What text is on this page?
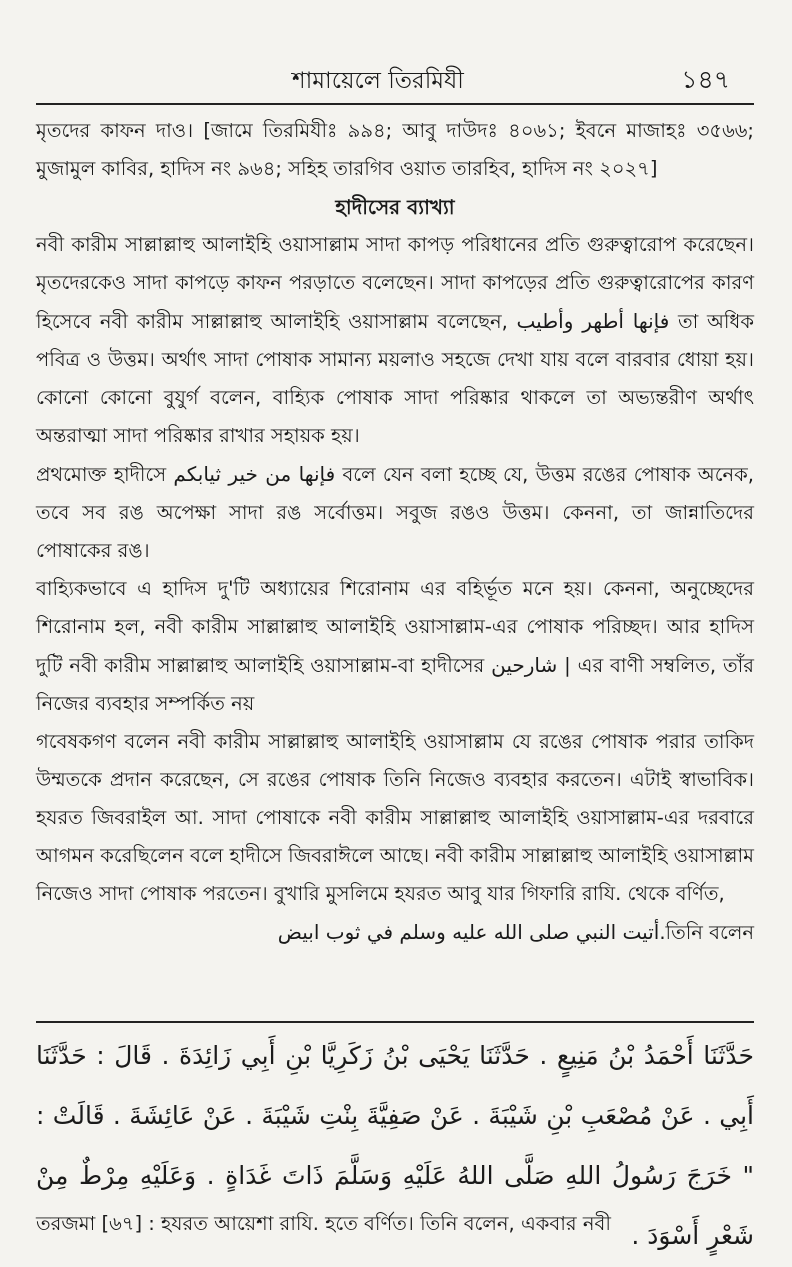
শামায়েলে তিরমিযী	১৪৭

মৃতদের কাফন দাও। [জামে তিরমিযীঃ ৯৯৪; আবু দাউদঃ ৪০৬১; ইবনে মাজাহঃ ৩৫৬৬; মুজামুল কাবির, হাদিস নং ৯৬৪; সহিহ তারগিব ওয়াত তারহিব, হাদিস নং ২০২৭]

হাদীসের ব্যাখ্যা

নবী কারীম সাল্লাল্লাহু আলাইহি ওয়াসাল্লাম সাদা কাপড় পরিধানের প্রতি গুরুত্বারোপ করেছেন। মৃতদেরকেও সাদা কাপড়ে কাফন পরড়াতে বলেছেন। সাদা কাপড়ের প্রতি গুরুত্বারোপের কারণ হিসেবে নবী কারীম সাল্লাল্লাহু আলাইহি ওয়াসাল্লাম বলেছেন, فإنها أطهر وأطيب তা অধিক পবিত্র ও উত্তম। অর্থাৎ সাদা পোষাক সামান্য ময়লাও সহজে দেখা যায় বলে বারবার ধোয়া হয়। কোনো কোনো বুযুর্গ বলেন, বাহ্যিক পোষাক সাদা পরিষ্কার থাকলে তা অভ্যন্তরীণ অর্থাৎ অন্তরাত্মা সাদা পরিষ্কার রাখার সহায়ক হয়।

প্রথমোক্ত হাদীসে فإنها من خير ثيابكم বলে যেন বলা হচ্ছে যে, উত্তম রঙের পোষাক অনেক, তবে সব রঙ অপেক্ষা সাদা রঙ সর্বোত্তম। সবুজ রঙও উত্তম। কেননা, তা জান্নাতিদের পোষাকের রঙ।

বাহ্যিকভাবে এ হাদিস দু'টি অধ্যায়ের শিরোনাম এর বহির্ভূত মনে হয়। কেননা, অনুচ্ছেদের শিরোনাম হল, নবী কারীম সাল্লাল্লাহু আলাইহি ওয়াসাল্লাম-এর পোষাক পরিচ্ছদ। আর হাদিস দুটি নবী কারীম সাল্লাল্লাহু আলাইহি ওয়াসাল্লাম-বা হাদীসের شارحين | এর বাণী সম্বলিত, তাঁর নিজের ব্যবহার সম্পর্কিত নয়

গবেষকগণ বলেন নবী কারীম সাল্লাল্লাহু আলাইহি ওয়াসাল্লাম যে রঙের পোষাক পরার তাকিদ উম্মতকে প্রদান করেছেন, সে রঙের পোষাক তিনি নিজেও ব্যবহার করতেন। এটাই স্বাভাবিক। হযরত জিবরাইল আ. সাদা পোষাকে নবী কারীম সাল্লাল্লাহু আলাইহি ওয়াসাল্লাম-এর দরবারে আগমন করেছিলেন বলে হাদীসে জিবরাঈলে আছে। নবী কারীম সাল্লাল্লাহু আলাইহি ওয়াসাল্লাম নিজেও সাদা পোষাক পরতেন। বুখারি মুসলিমে হযরত আবু যার গিফারি রাযি. থেকে বর্ণিত,
أتيت النبي صلى الله عليه وسلم في ثوب ابيض.তিনি বলেন

حَدَّثَنَا أَحْمَدُ بْنُ مَنِيعٍ . حَدَّثَنَا يَحْيَى بْنُ زَكَرِيَّا بْنِ أَبِي زَائِدَةَ . قَالَ : حَدَّثَنَا أَبِي . عَنْ مُصْعَبِ بْنِ شَيْبَةَ . عَنْ صَفِيَّةَ بِنْتِ شَيْبَةَ . عَنْ عَائِشَةَ . قَالَتْ : " خَرَجَ رَسُولُ اللهِ صَلَّى اللهُ عَلَيْهِ وَسَلَّمَ ذَاتَ غَدَاةٍ . وَعَلَيْهِ مِرْطٌ مِنْ شَعْرٍ أَسْوَدَ .

তরজমা [৬৭] : হযরত আয়েশা রাযি. হতে বর্ণিত। তিনি বলেন, একবার নবী
